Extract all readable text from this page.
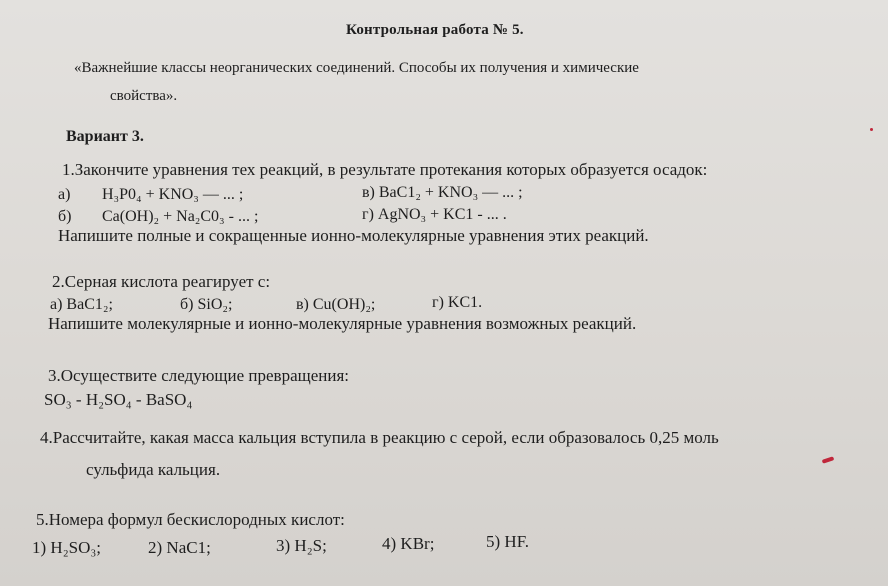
Контрольная работа № 5.
«Важнейшие классы неорганических соединений. Способы их получения и химические
свойства».
Вариант 3.
1.Закончите уравнения тех реакций, в результате протекания которых образуется осадок:
а) H₃P0₄ + KNO₃ — ... ;	в) BaC1₂ + KNO₃ — ... ;
б) Ca(OH)₂ + Na₂C0₃ - ... ;	г) AgNO₃ + KC1 - ... .
Напишите полные и сокращенные ионно-молекулярные уравнения этих реакций.
2.Серная кислота реагирует с:
а) BaC1₂;	б) SiO₂;	в) Cu(OH)₂;	г) KC1.
Напишите молекулярные и ионно-молекулярные уравнения возможных реакций.
3.Осуществите следующие превращения:
SO₃ - H₂SO₄ - BaSO₄
4.Рассчитайте, какая масса кальция вступила в реакцию с серой, если образовалось 0,25 моль
сульфида кальция.
5.Номера формул бескислородных кислот:
1) H₂SO₃;	2) NaC1;	3) H₂S;	4) KBr;	5) HF.
